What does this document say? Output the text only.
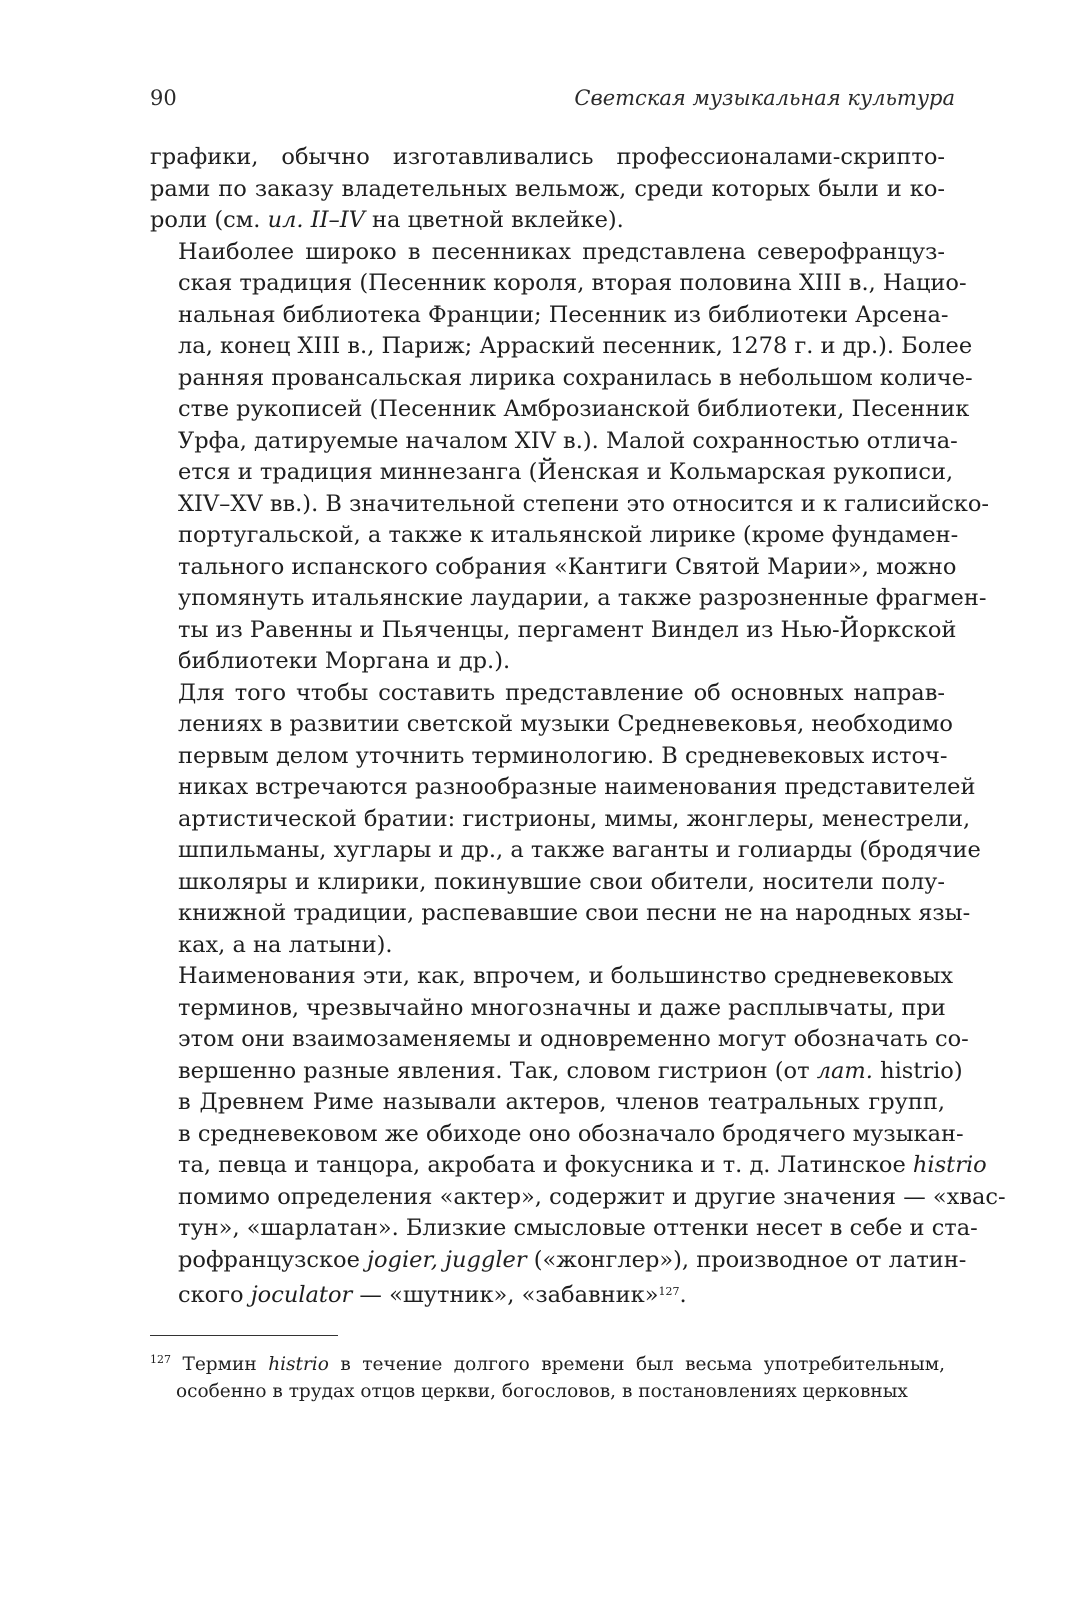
90	Светская музыкальная культура

графики, обычно изготавливались профессионалами-скрипто-
рами по заказу владетельных вельмож, среди которых были и ко-
роли (см. ил. II–IV на цветной вклейке).

Наиболее широко в песенниках представлена северофранцуз-
ская традиция (Песенник короля, вторая половина XIII в., Нацио-
нальная библиотека Франции; Песенник из библиотеки Арсена-
ла, конец XIII в., Париж; Арраский песенник, 1278 г. и др.). Более
ранняя провансальская лирика сохранилась в небольшом количе-
стве рукописей (Песенник Амброзианской библиотеки, Песенник
Урфа, датируемые началом XIV в.). Малой сохранностью отлича-
ется и традиция миннезанга (Йенская и Кольмарская рукописи,
XIV–XV вв.). В значительной степени это относится и к галисийско-
португальской, а также к итальянской лирике (кроме фундамен-
тального испанского собрания «Кантиги Святой Марии», можно
упомянуть итальянские лаударии, а также разрозненные фрагмен-
ты из Равенны и Пьяченцы, пергамент Виндел из Нью-Йоркской
библиотеки Моргана и др.).

Для того чтобы составить представление об основных направ-
лениях в развитии светской музыки Средневековья, необходимо
первым делом уточнить терминологию. В средневековых источ-
никах встречаются разнообразные наименования представителей
артистической братии: гистрионы, мимы, жонглеры, менестрели,
шпильманы, хуглары и др., а также ваганты и голиарды (бродячие
школяры и клирики, покинувшие свои обители, носители полу-
книжной традиции, распевавшие свои песни не на народных язы-
ках, а на латыни).

Наименования эти, как, впрочем, и большинство средневековых
терминов, чрезвычайно многозначны и даже расплывчаты, при
этом они взаимозаменяемы и одновременно могут обозначать со-
вершенно разные явления. Так, словом гистрион (от лат. histrio)
в Древнем Риме называли актеров, членов театральных групп,
в средневековом же обиходе оно обозначало бродячего музыкан-
та, певца и танцора, акробата и фокусника и т. д. Латинское histrio
помимо определения «актер», содержит и другие значения — «хвас-
тун», «шарлатан». Близкие смысловые оттенки несет в себе и ста-
рофранцузское jogier, juggler («жонглер»), производное от латин-
ского joculator — «шутник», «забавник»$^{127}$.

$^{127}$ Термин histrio в течение долгого времени был весьма употребительным,
особенно в трудах отцов церкви, богословов, в постановлениях церковных
